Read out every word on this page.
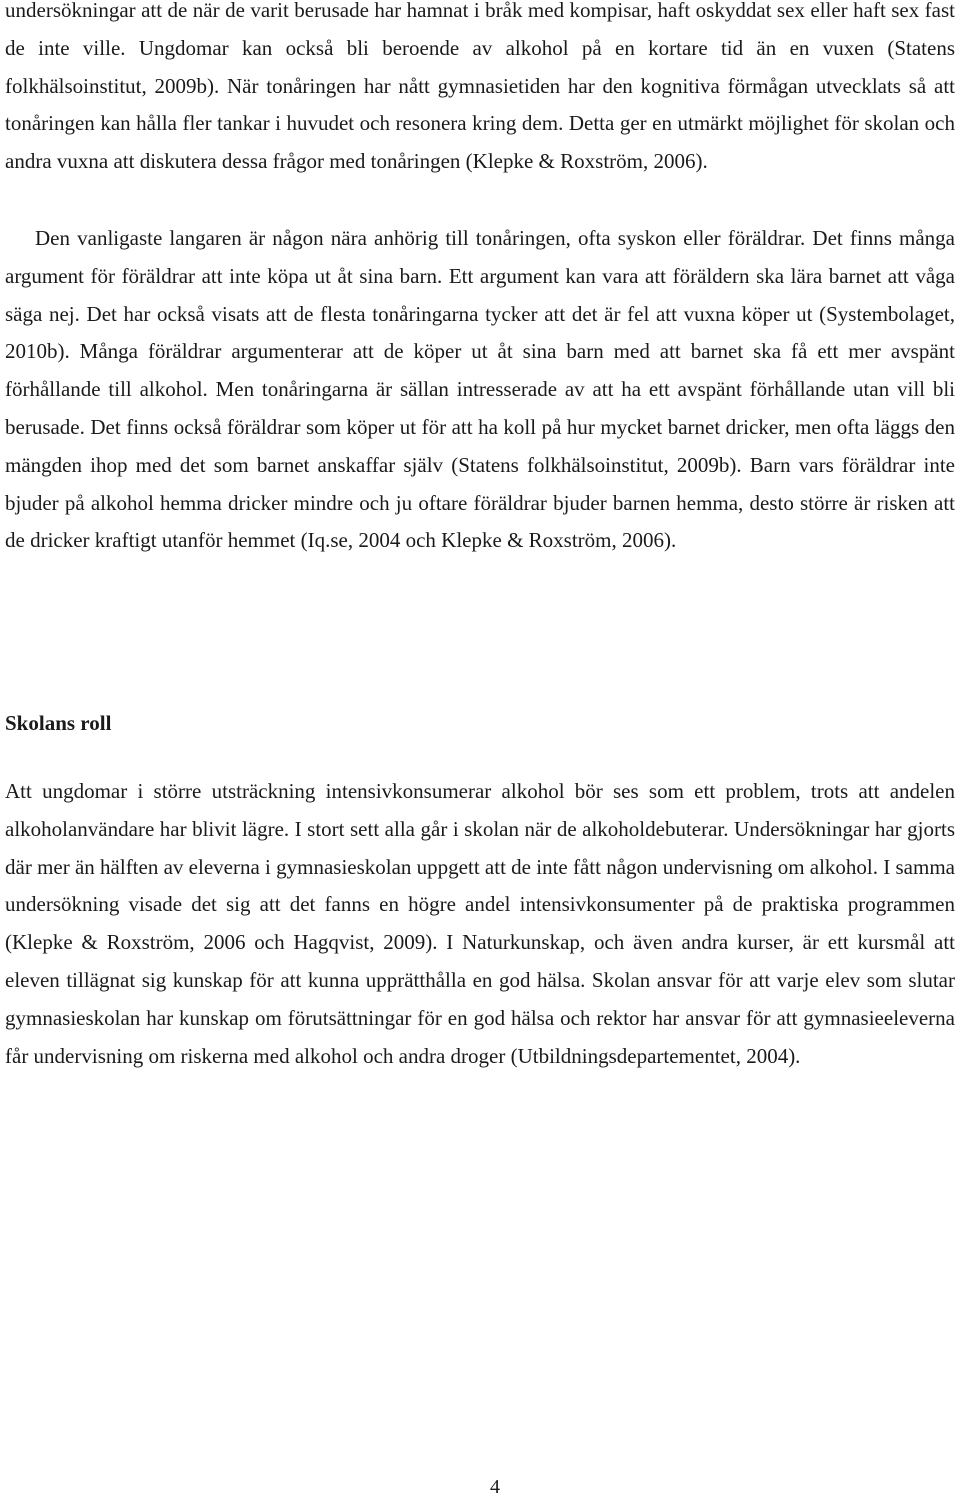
undersökningar att de när de varit berusade har hamnat i bråk med kompisar, haft oskyddat sex eller haft sex fast de inte ville. Ungdomar kan också bli beroende av alkohol på en kortare tid än en vuxen (Statens folkhälsoinstitut, 2009b). När tonåringen har nått gymnasietiden har den kognitiva förmågan utvecklats så att tonåringen kan hålla fler tankar i huvudet och resonera kring dem. Detta ger en utmärkt möjlighet för skolan och andra vuxna att diskutera dessa frågor med tonåringen (Klepke & Roxström, 2006).

Den vanligaste langaren är någon nära anhörig till tonåringen, ofta syskon eller föräldrar. Det finns många argument för föräldrar att inte köpa ut åt sina barn. Ett argument kan vara att föräldern ska lära barnet att våga säga nej. Det har också visats att de flesta tonåringarna tycker att det är fel att vuxna köper ut (Systembolaget, 2010b). Många föräldrar argumenterar att de köper ut åt sina barn med att barnet ska få ett mer avspänt förhållande till alkohol. Men tonåringarna är sällan intresserade av att ha ett avspänt förhållande utan vill bli berusade. Det finns också föräldrar som köper ut för att ha koll på hur mycket barnet dricker, men ofta läggs den mängden ihop med det som barnet anskaffar själv (Statens folkhälsoinstitut, 2009b). Barn vars föräldrar inte bjuder på alkohol hemma dricker mindre och ju oftare föräldrar bjuder barnen hemma, desto större är risken att de dricker kraftigt utanför hemmet (Iq.se, 2004 och Klepke & Roxström, 2006).

Skolans roll

Att ungdomar i större utsträckning intensivkonsumerar alkohol bör ses som ett problem, trots att andelen alkoholanvändare har blivit lägre. I stort sett alla går i skolan när de alkoholdebuterar. Undersökningar har gjorts där mer än hälften av eleverna i gymnasieskolan uppgett att de inte fått någon undervisning om alkohol. I samma undersökning visade det sig att det fanns en högre andel intensivkonsumenter på de praktiska programmen (Klepke & Roxström, 2006 och Hagqvist, 2009). I Naturkunskap, och även andra kurser, är ett kursmål att eleven tillägnat sig kunskap för att kunna upprätthålla en god hälsa. Skolan ansvar för att varje elev som slutar gymnasieskolan har kunskap om förutsättningar för en god hälsa och rektor har ansvar för att gymnasieeleverna får undervisning om riskerna med alkohol och andra droger (Utbildningsdepartementet, 2004).

4
